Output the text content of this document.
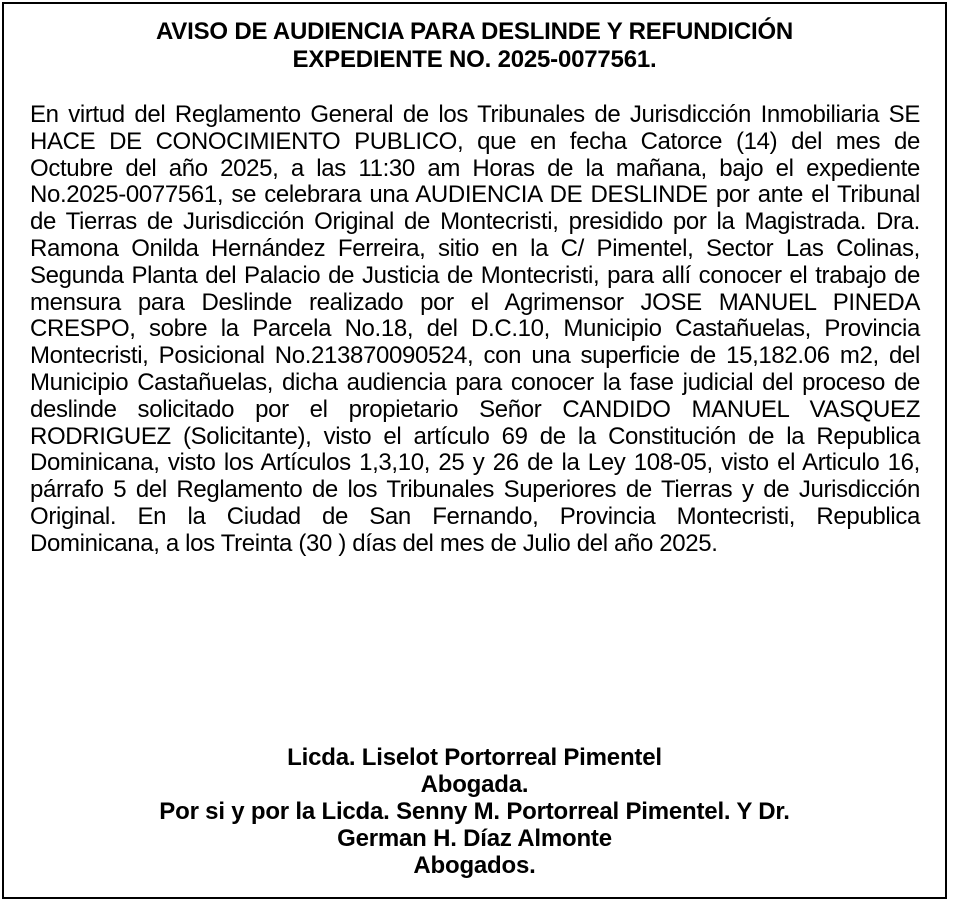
AVISO DE AUDIENCIA PARA DESLINDE Y REFUNDICIÓN
EXPEDIENTE NO. 2025-0077561.
En virtud del Reglamento General de los Tribunales de Jurisdicción Inmobiliaria SE HACE DE CONOCIMIENTO PUBLICO, que en fecha Catorce (14) del mes de Octubre del año 2025, a las 11:30 am Horas de la mañana, bajo el expediente No.2025-0077561, se celebrara una AUDIENCIA DE DESLINDE por ante el Tribunal de Tierras de Jurisdicción Original de Montecristi, presidido por la Magistrada. Dra. Ramona Onilda Hernández Ferreira, sitio en la C/ Pimentel, Sector Las Colinas, Segunda Planta del Palacio de Justicia de Montecristi, para allí conocer el trabajo de mensura para Deslinde realizado por el Agrimensor JOSE MANUEL PINEDA CRESPO, sobre la Parcela No.18, del D.C.10, Municipio Castañuelas, Provincia Montecristi, Posicional No.213870090524, con una superficie de 15,182.06 m2, del Municipio Castañuelas, dicha audiencia para conocer la fase judicial del proceso de deslinde solicitado por el propietario Señor CANDIDO MANUEL VASQUEZ RODRIGUEZ (Solicitante), visto el artículo 69 de la Constitución de la Republica Dominicana, visto los Artículos 1,3,10, 25 y 26 de la Ley 108-05, visto el Articulo 16, párrafo 5 del Reglamento de los Tribunales Superiores de Tierras y de Jurisdicción Original. En la Ciudad de San Fernando, Provincia Montecristi, Republica Dominicana, a los Treinta (30 ) días del mes de Julio del año 2025.
Licda. Liselot Portorreal Pimentel
Abogada.
Por si y por la Licda. Senny M. Portorreal Pimentel. Y Dr.
German H. Díaz Almonte
Abogados.
